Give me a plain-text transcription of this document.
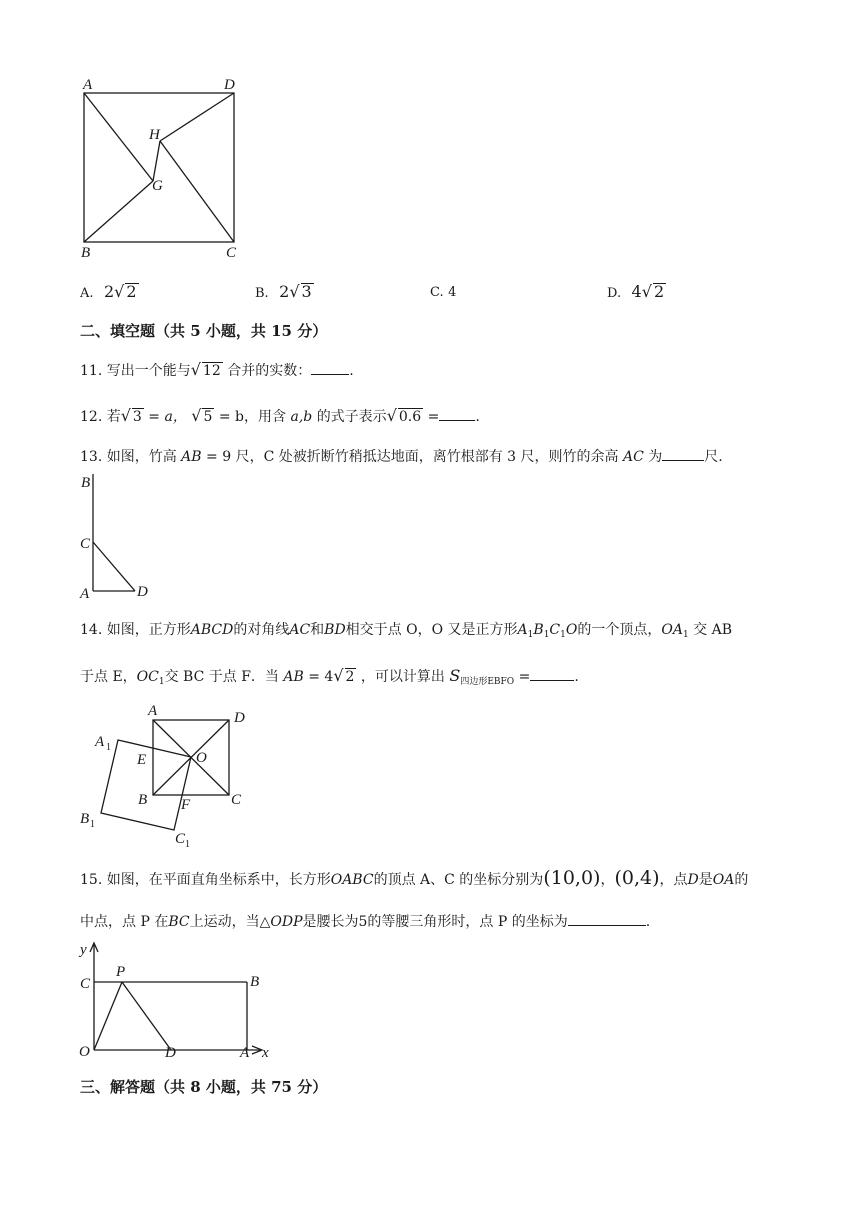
A	D
H
G
B	C
A. 2√ 2	B. 2√ 3	C. 4	D. 4√ 2
二、填空题（共 5 小题，共 15 分）
11. 写出一个能与√ 12 合并的实数：	.
12. 若√ 3 = a， √ 5 = b，用含 a,b 的式子表示√ 0.6 =	.
13. 如图，竹高 AB = 9 尺，C 处被折断竹稍抵达地面，离竹根部有 3 尺，则竹的余高 AC 为	尺.
B
C
A	D
14. 如图，正方形ABCD的对角线AC和BD相交于点 O，O 又是正方形$A_1B_1C_1O$的一个顶点，$OA_1$ 交 AB
于点 E，$OC_1$交 BC 于点 F．当 AB = 4√ 2 ，可以计算出 $S_{四边形EBFO}$ =	.
A	D
A 1
E	O
B F	C
B 1
C 1
15. 如图，在平面直角坐标系中，长方形OABC的顶点 A、C 的坐标分别为(10,0)，(0,4)，点D是OA的
中点，点 P 在BC上运动，当△ODP是腰长为5的等腰三角形时，点 P 的坐标为	.
y
C
P
B
O	D	A x
三、解答题（共 8 小题，共 75 分）
